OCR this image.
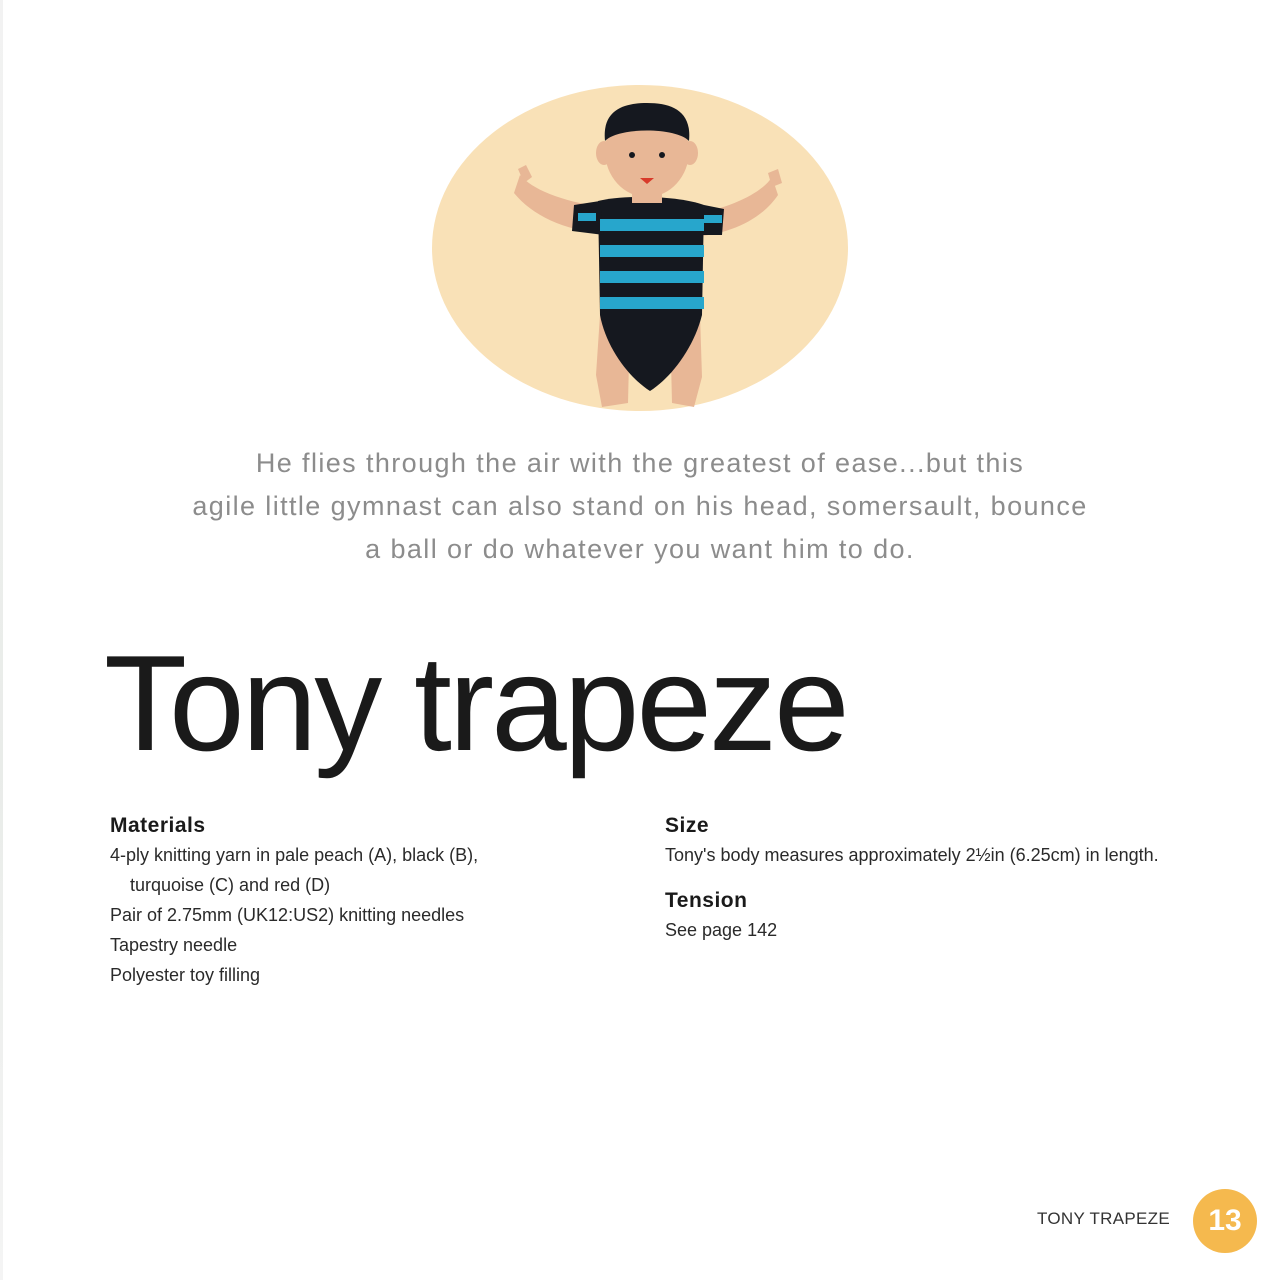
He flies through the air with the greatest of ease...but this
agile little gymnast can also stand on his head, somersault, bounce
a ball or do whatever you want him to do.

Tony trapeze
Materials

4-ply knitting yarn in pale peach (A), black (B),

turquoise (C) and red (D)

Pair of 2.75mm (UK12:US2) knitting needles

Tapestry needle

Polyester toy filling

Size

Tony's body measures approximately 2½in (6.25cm) in length.

Tension

See page 142

TONY TRAPEZE	13
